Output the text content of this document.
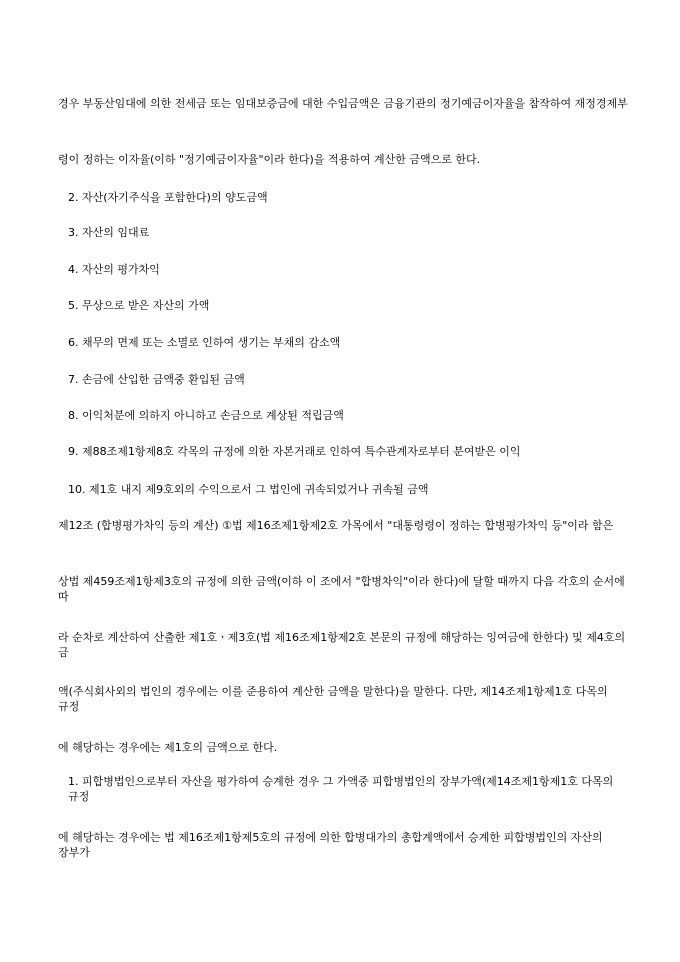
경우 부동산임대에 의한 전세금 또는 임대보증금에 대한 수입금액은 금융기관의 정기예금이자율을 참작하여 재정경제부
령이 정하는 이자율(이하 "정기예금이자율"이라 한다)을 적용하여 계산한 금액으로 한다.
2. 자산(자기주식을 포함한다)의 양도금액
3. 자산의 임대료
4. 자산의 평가차익
5. 무상으로 받은 자산의 가액
6. 채무의 면제 또는 소멸로 인하여 생기는 부채의 감소액
7. 손금에 산입한 금액중 환입된 금액
8. 이익처분에 의하지 아니하고 손금으로 계상된 적립금액
9. 제88조제1항제8호 각목의 규정에 의한 자본거래로 인하여 특수관계자로부터 분여받은 이익
10. 제1호 내지 제9호외의 수익으로서 그 법인에 귀속되었거나 귀속될 금액
제12조 (합병평가차익 등의 계산) ①법 제16조제1항제2호 가목에서 "대통령령이 정하는 합병평가차익 등"이라 함은
상법 제459조제1항제3호의 규정에 의한 금액(이하 이 조에서 "합병차익"이라 한다)에 달할 때까지 다음 각호의 순서에 따
라 순차로 계산하여 산출한 제1호ㆍ제3호(법 제16조제1항제2호 본문의 규정에 해당하는 잉여금에 한한다) 및 제4호의 금
액(주식회사외의 법인의 경우에는 이를 준용하여 계산한 금액을 말한다)을 말한다. 다만, 제14조제1항제1호 다목의 규정
에 해당하는 경우에는 제1호의 금액으로 한다.
1. 피합병법인으로부터 자산을 평가하여 승계한 경우 그 가액중 피합병법인의 장부가액(제14조제1항제1호 다목의 규정
에 해당하는 경우에는 법 제16조제1항제5호의 규정에 의한 합병대가의 총합계액에서 승계한 피합병법인의 자산의 장부가
